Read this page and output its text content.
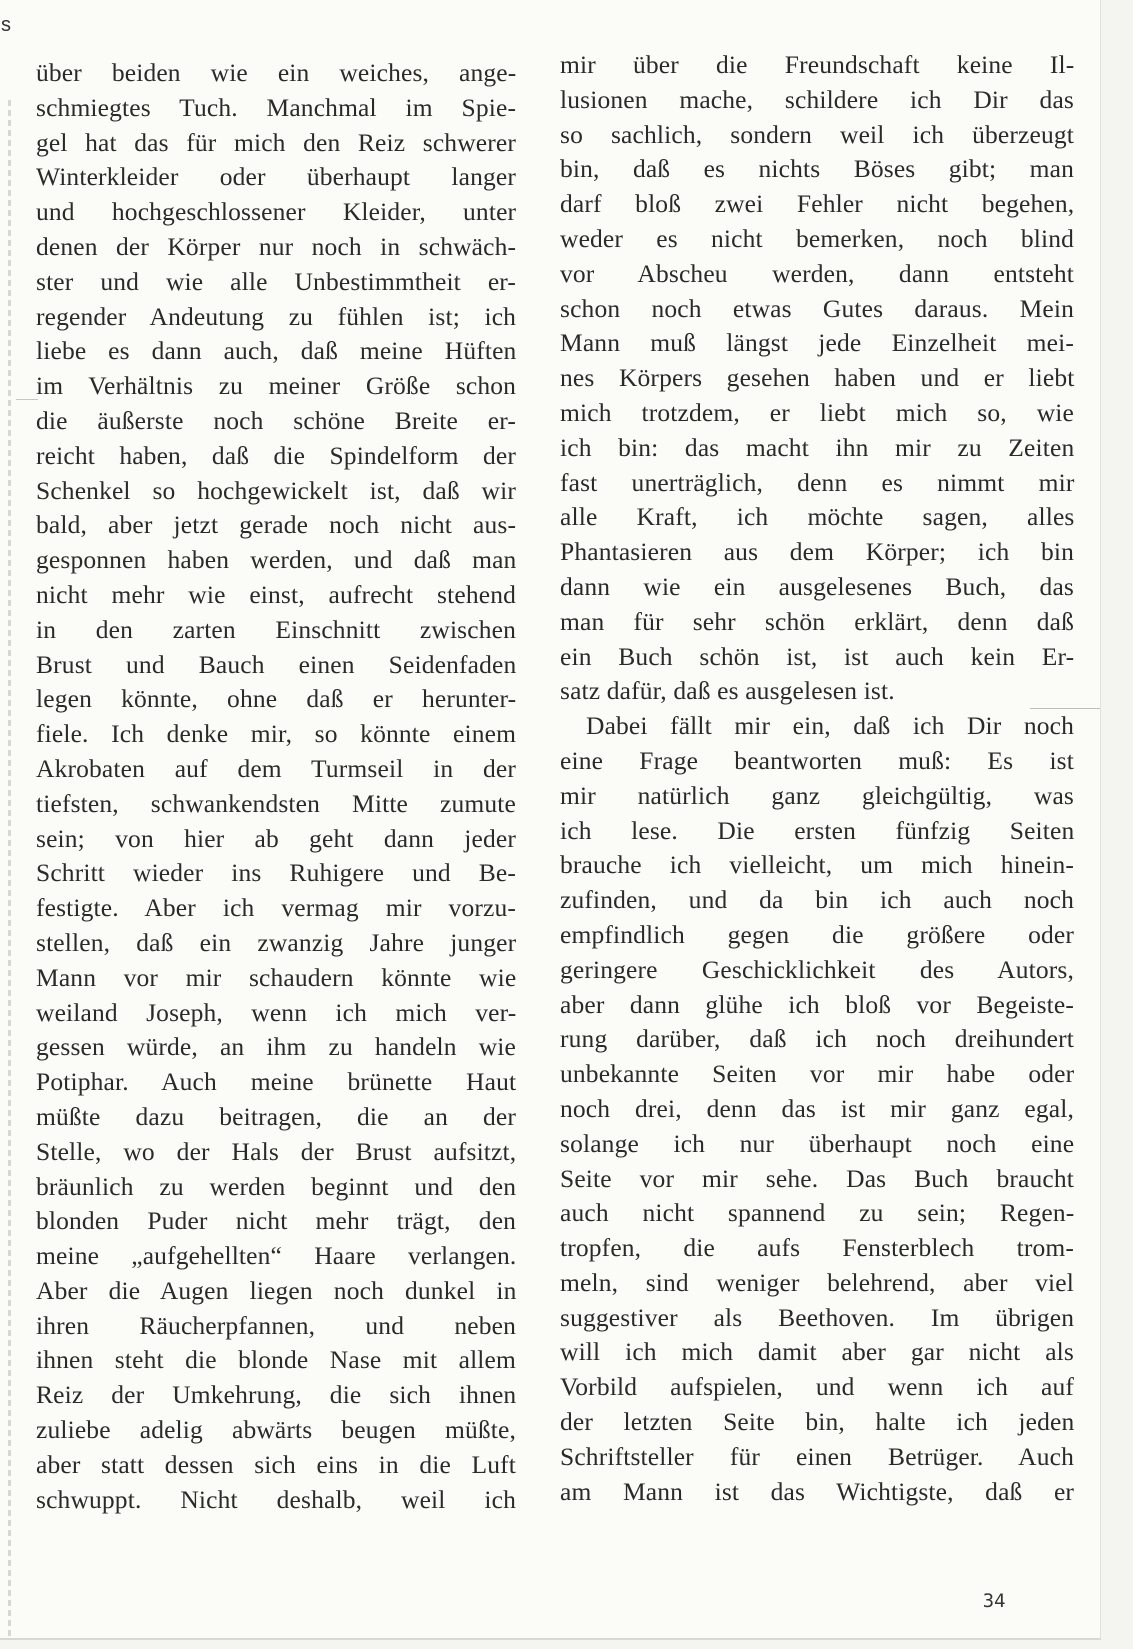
s
über beiden wie ein weiches, ange-
schmiegtes Tuch. Manchmal im Spie-
gel hat das für mich den Reiz schwerer
Winterkleider oder überhaupt langer
und hochgeschlossener Kleider, unter
denen der Körper nur noch in schwäch-
ster und wie alle Unbestimmtheit er-
regender Andeutung zu fühlen ist; ich
liebe es dann auch, daß meine Hüften
im Verhältnis zu meiner Größe schon
die äußerste noch schöne Breite er-
reicht haben, daß die Spindelform der
Schenkel so hochgewickelt ist, daß wir
bald, aber jetzt gerade noch nicht aus-
gesponnen haben werden, und daß man
nicht mehr wie einst, aufrecht stehend
in den zarten Einschnitt zwischen
Brust und Bauch einen Seidenfaden
legen könnte, ohne daß er herunter-
fiele. Ich denke mir, so könnte einem
Akrobaten auf dem Turmseil in der
tiefsten, schwankendsten Mitte zumute
sein; von hier ab geht dann jeder
Schritt wieder ins Ruhigere und Be-
festigte. Aber ich vermag mir vorzu-
stellen, daß ein zwanzig Jahre junger
Mann vor mir schaudern könnte wie
weiland Joseph, wenn ich mich ver-
gessen würde, an ihm zu handeln wie
Potiphar. Auch meine brünette Haut
müßte dazu beitragen, die an der
Stelle, wo der Hals der Brust aufsitzt,
bräunlich zu werden beginnt und den
blonden Puder nicht mehr trägt, den
meine „aufgehellten“ Haare verlangen.
Aber die Augen liegen noch dunkel in
ihren Räucherpfannen, und neben
ihnen steht die blonde Nase mit allem
Reiz der Umkehrung, die sich ihnen
zuliebe adelig abwärts beugen müßte,
aber statt dessen sich eins in die Luft
schwuppt. Nicht deshalb, weil ich
mir über die Freundschaft keine Il-
lusionen mache, schildere ich Dir das
so sachlich, sondern weil ich überzeugt
bin, daß es nichts Böses gibt; man
darf bloß zwei Fehler nicht begehen,
weder es nicht bemerken, noch blind
vor Abscheu werden, dann entsteht
schon noch etwas Gutes daraus. Mein
Mann muß längst jede Einzelheit mei-
nes Körpers gesehen haben und er liebt
mich trotzdem, er liebt mich so, wie
ich bin: das macht ihn mir zu Zeiten
fast unerträglich, denn es nimmt mir
alle Kraft, ich möchte sagen, alles
Phantasieren aus dem Körper; ich bin
dann wie ein ausgelesenes Buch, das
man für sehr schön erklärt, denn daß
ein Buch schön ist, ist auch kein Er-
satz dafür, daß es ausgelesen ist.
Dabei fällt mir ein, daß ich Dir noch
eine Frage beantworten muß: Es ist
mir natürlich ganz gleichgültig, was
ich lese. Die ersten fünfzig Seiten
brauche ich vielleicht, um mich hinein-
zufinden, und da bin ich auch noch
empfindlich gegen die größere oder
geringere Geschicklichkeit des Autors,
aber dann glühe ich bloß vor Begeiste-
rung darüber, daß ich noch dreihundert
unbekannte Seiten vor mir habe oder
noch drei, denn das ist mir ganz egal,
solange ich nur überhaupt noch eine
Seite vor mir sehe. Das Buch braucht
auch nicht spannend zu sein; Regen-
tropfen, die aufs Fensterblech trom-
meln, sind weniger belehrend, aber viel
suggestiver als Beethoven. Im übrigen
will ich mich damit aber gar nicht als
Vorbild aufspielen, und wenn ich auf
der letzten Seite bin, halte ich jeden
Schriftsteller für einen Betrüger. Auch
am Mann ist das Wichtigste, daß er
34
